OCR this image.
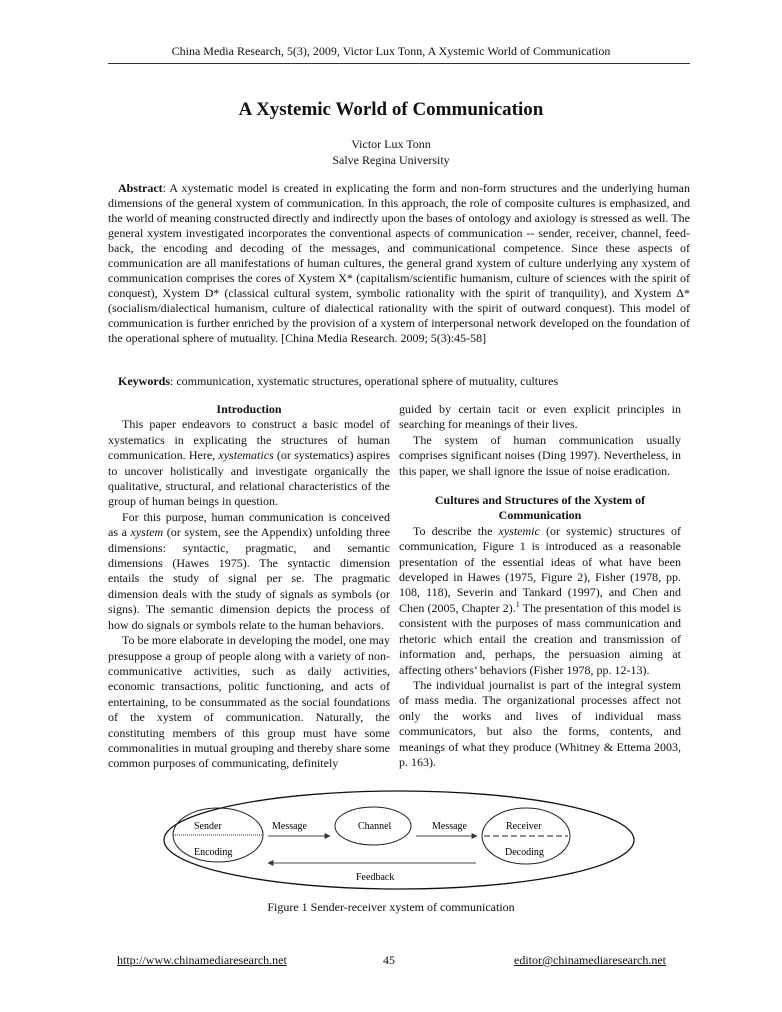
China Media Research, 5(3), 2009, Victor Lux Tonn, A Xystemic World of Communication
A Xystemic World of Communication
Victor Lux Tonn
Salve Regina University

Abstract: A xystematic model is created in explicating the form and non-form structures and the underlying human dimensions of the general xystem of communication. In this approach, the role of composite cultures is emphasized, and the world of meaning constructed directly and indirectly upon the bases of ontology and axiology is stressed as well. The general xystem investigated incorporates the conventional aspects of communication -- sender, receiver, channel, feed-back, the encoding and decoding of the messages, and communicational competence. Since these aspects of communication are all manifestations of human cultures, the general grand xystem of culture underlying any xystem of communication comprises the cores of Xystem X* (capitalism/scientific humanism, culture of sciences with the spirit of conquest), Xystem D* (classical cultural system, symbolic rationality with the spirit of tranquility), and Xystem Δ* (socialism/dialectical humanism, culture of dialectical rationality with the spirit of outward conquest). This model of communication is further enriched by the provision of a xystem of interpersonal network developed on the foundation of the operational sphere of mutuality. [China Media Research. 2009; 5(3):45-58]

Keywords: communication, xystematic structures, operational sphere of mutuality, cultures

Introduction

This paper endeavors to construct a basic model of xystematics in explicating the structures of human communication. Here, xystematics (or systematics) aspires to uncover holistically and investigate organically the qualitative, structural, and relational characteristics of the group of human beings in question.

For this purpose, human communication is conceived as a xystem (or system, see the Appendix) unfolding three dimensions: syntactic, pragmatic, and semantic dimensions (Hawes 1975). The syntactic dimension entails the study of signal per se. The pragmatic dimension deals with the study of signals as symbols (or signs). The semantic dimension depicts the process of how do signals or symbols relate to the human behaviors.

To be more elaborate in developing the model, one may presuppose a group of people along with a variety of non-communicative activities, such as daily activities, economic transactions, politic functioning, and acts of entertaining, to be consummated as the social foundations of the xystem of communication. Naturally, the constituting members of this group must have some commonalities in mutual grouping and thereby share some common purposes of communicating, definitely

guided by certain tacit or even explicit principles in searching for meanings of their lives.

The system of human communication usually comprises significant noises (Ding 1997). Nevertheless, in this paper, we shall ignore the issue of noise eradication.

Cultures and Structures of the Xystem of Communication

To describe the xystemic (or systemic) structures of communication, Figure 1 is introduced as a reasonable presentation of the essential ideas of what have been developed in Hawes (1975, Figure 2), Fisher (1978, pp. 108, 118), Severin and Tankard (1997), and Chen and Chen (2005, Chapter 2).$^1$ The presentation of this model is consistent with the purposes of mass communication and rhetoric which entail the creation and transmission of information and, perhaps, the persuasion aiming at affecting others’ behaviors (Fisher 1978, pp. 12-13).

The individual journalist is part of the integral system of mass media. The organizational processes affect not only the works and lives of individual mass communicators, but also the forms, contents, and meanings of what they produce (Whitney & Ettema 2003, p. 163).

Sender
Encoding
Message	Channel	Message	Receiver
Decoding
Feedback
Figure 1 Sender-receiver xystem of communication
http://www.chinamediaresearch.net	45	editor@chinamediaresearch.net
